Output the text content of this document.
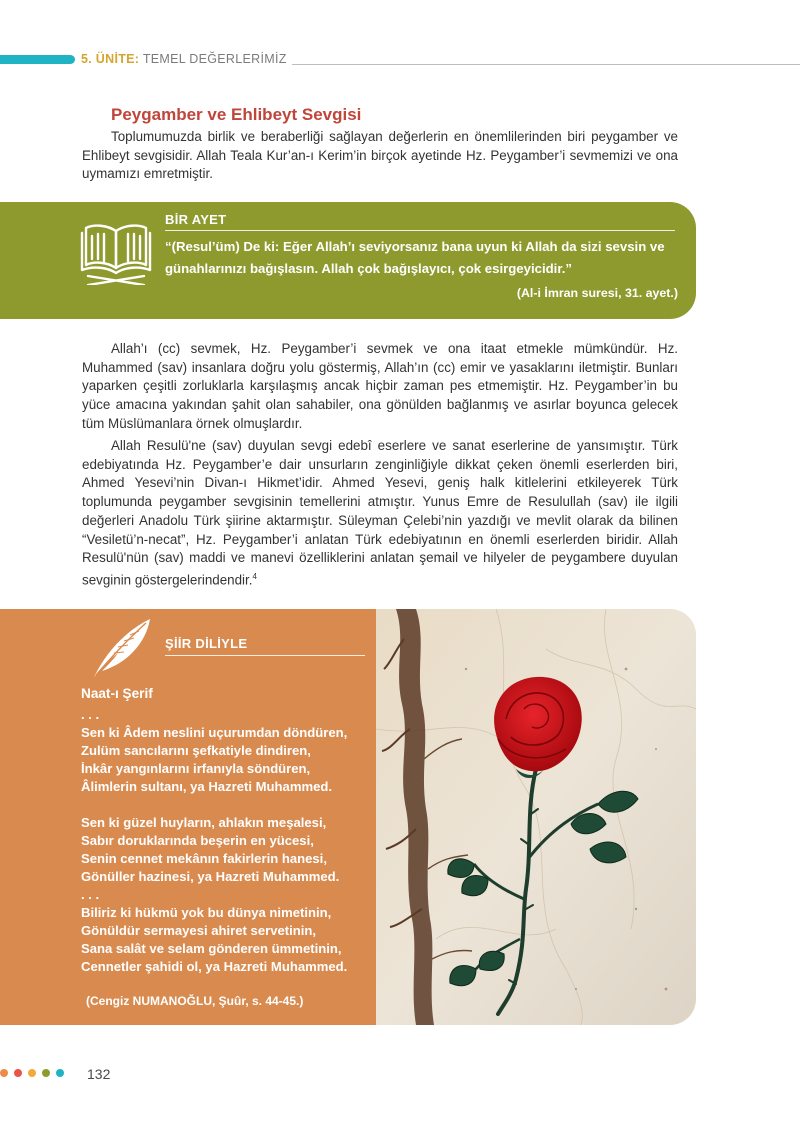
5. ÜNİTE: TEMEL DEĞERLERİMİZ
Peygamber ve Ehlibeyt Sevgisi

Toplumumuzda birlik ve beraberliği sağlayan değerlerin en önemlilerinden biri peygamber ve Ehlibeyt sevgisidir. Allah Teala Kur’an-ı Kerim’in birçok ayetinde Hz. Peygamber’i sevmemizi ve ona uymamızı emretmiştir.

BİR AYET
“(Resul’üm) De ki: Eğer Allah’ı seviyorsanız bana uyun ki Allah da sizi sevsin ve günahlarınızı bağışlasın. Allah çok bağışlayıcı, çok esirgeyicidir.”
(Al-i İmran suresi, 31. ayet.)

Allah’ı (cc) sevmek, Hz. Peygamber’i sevmek ve ona itaat etmekle mümkündür. Hz. Muhammed (sav) insanlara doğru yolu göstermiş, Allah’ın (cc) emir ve yasaklarını iletmiştir. Bunları yaparken çeşitli zorluklarla karşılaşmış ancak hiçbir zaman pes etmemiştir. Hz. Peygamber’in bu yüce amacına yakından şahit olan sahabiler, ona gönülden bağlanmış ve asırlar boyunca gelecek tüm Müslümanlara örnek olmuşlardır.

Allah Resulü'ne (sav) duyulan sevgi edebî eserlere ve sanat eserlerine de yansımıştır. Türk edebiyatında Hz. Peygamber’e dair unsurların zenginliğiyle dikkat çeken önemli eserlerden biri, Ahmed Yesevi’nin Divan-ı Hikmet’idir. Ahmed Yesevi, geniş halk kitlelerini etkileyerek Türk toplumunda peygamber sevgisinin temellerini atmıştır. Yunus Emre de Resulullah (sav) ile ilgili değerleri Anadolu Türk şiirine aktarmıştır. Süleyman Çelebi’nin yazdığı ve mevlit olarak da bilinen “Vesiletü’n-necat”, Hz. Peygamber’i anlatan Türk edebiyatının en önemli eserlerden biridir. Allah Resulü'nün (sav) maddi ve manevi özelliklerini anlatan şemail ve hilyeler de peygambere duyulan sevginin göstergelerindendir.$^4$

ŞİİR DİLİYLE
Naat-ı Şerif
. . .
Sen ki Âdem neslini uçurumdan döndüren,
Zulüm sancılarını şefkatiyle dindiren,
İnkâr yangınlarını irfanıyla söndüren,
Âlimlerin sultanı, ya Hazreti Muhammed.
Sen ki güzel huyların, ahlakın meşalesi,
Sabır doruklarında beşerin en yücesi,
Senin cennet mekânın fakirlerin hanesi,
Gönüller hazinesi, ya Hazreti Muhammed.
. . .
Biliriz ki hükmü yok bu dünya nimetinin,
Gönüldür sermayesi ahiret servetinin,
Sana salât ve selam gönderen ümmetinin,
Cennetler şahidi ol, ya Hazreti Muhammed.
(Cengiz NUMANOĞLU, Şuûr, s. 44-45.)
132
